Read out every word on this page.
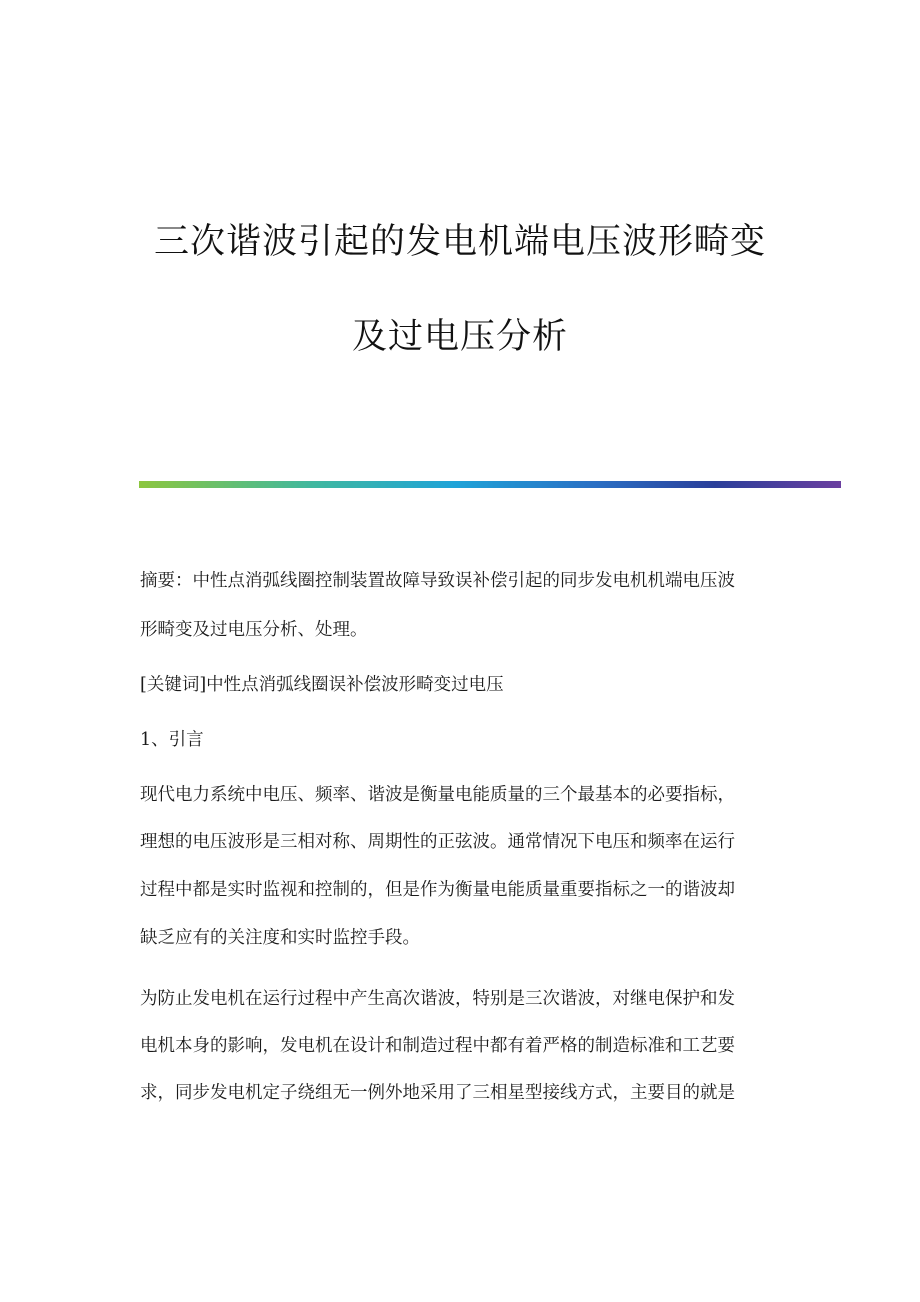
三次谐波引起的发电机端电压波形畸变
及过电压分析
摘要：中性点消弧线圈控制装置故障导致误补偿引起的同步发电机机端电压波
形畸变及过电压分析、处理。
[关键词]中性点消弧线圈误补偿波形畸变过电压
1、引言
现代电力系统中电压、频率、谐波是衡量电能质量的三个最基本的必要指标，
理想的电压波形是三相对称、周期性的正弦波。通常情况下电压和频率在运行
过程中都是实时监视和控制的，但是作为衡量电能质量重要指标之一的谐波却
缺乏应有的关注度和实时监控手段。
为防止发电机在运行过程中产生高次谐波，特别是三次谐波，对继电保护和发
电机本身的影响，发电机在设计和制造过程中都有着严格的制造标准和工艺要
求，同步发电机定子绕组无一例外地采用了三相星型接线方式，主要目的就是
